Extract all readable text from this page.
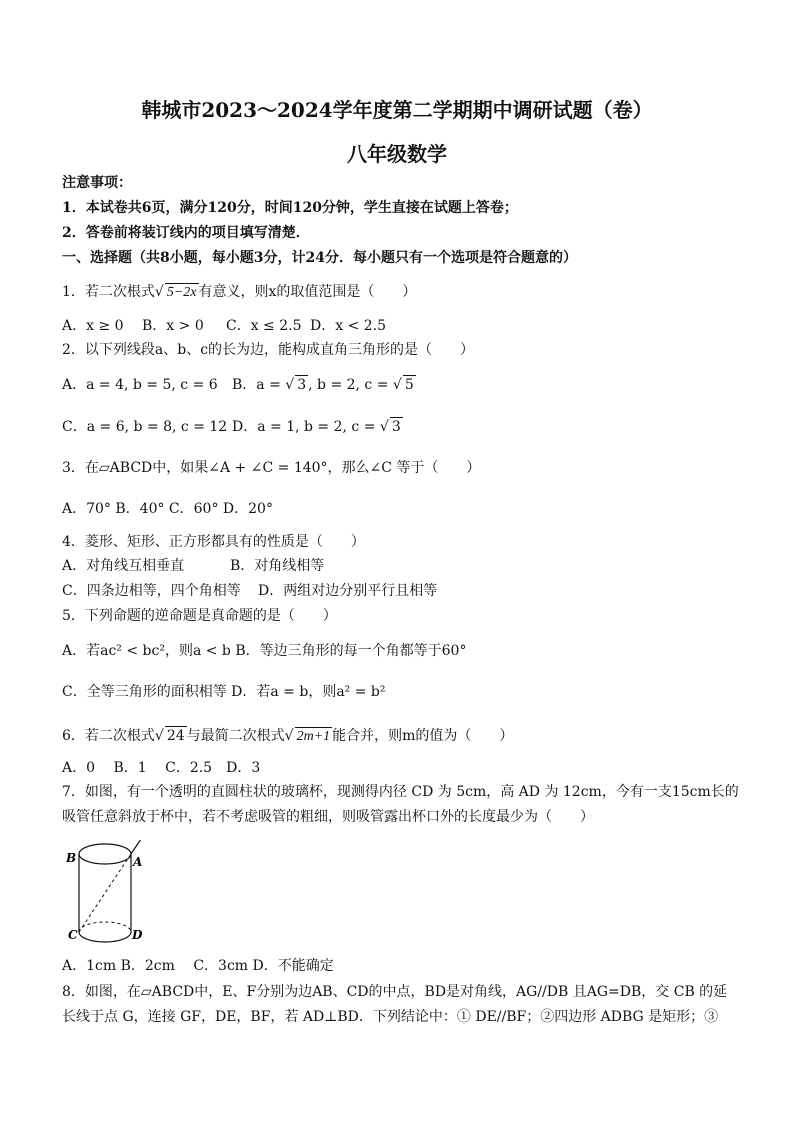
韩城市2023～2024学年度第二学期期中调研试题（卷）
八年级数学
注意事项：
1．本试卷共6页，满分120分，时间120分钟，学生直接在试题上答卷；
2．答卷前将装订线内的项目填写清楚．
一、选择题（共8小题，每小题3分，计24分．每小题只有一个选项是符合题意的）
1．若二次根式√ 5−2x 有意义，则x的取值范围是（　　）
A．x ≥ 0 B．x > 0 C．x ≤ 2.5 D．x < 2.5
2．以下列线段a、b、c的长为边，能构成直角三角形的是（　　）
A．a = 4, b = 5, c = 6 B．a = √ 3 , b = 2, c = √ 5
C．a = 6, b = 8, c = 12 D．a = 1, b = 2, c = √ 3
3．在▱ABCD中，如果∠A + ∠C = 140°，那么∠C 等于（　　）
A．70° B．40° C．60° D．20°
4．菱形、矩形、正方形都具有的性质是（　　）
A．对角线互相垂直	B．对角线相等
C．四条边相等，四个角相等 D．两组对边分别平行且相等
5．下列命题的逆命题是真命题的是（　　）
A．若ac² < bc²，则a < b B．等边三角形的每一个角都等于60°
C．全等三角形的面积相等 D．若a = b，则a² = b²
6．若二次根式√ 24 与最简二次根式√ 2m+1 能合并，则m的值为（　　）
A．0　 B．1　 C．2.5　D．3
7．如图，有一个透明的直圆柱状的玻璃杯，现测得内径 CD 为 5cm，高 AD 为 12cm，今有一支15cm长的
吸管任意斜放于杯中，若不考虑吸管的粗细，则吸管露出杯口外的长度最少为（　　）
B	A
C	D
A．1cm B．2cm　 C．3cm D．不能确定
8．如图，在▱ABCD中，E、F分别为边AB、CD的中点，BD是对角线，AG//DB 且AG=DB，交 CB 的延
长线于点 G，连接 GF，DE，BF，若 AD⊥BD．下列结论中：① DE//BF；②四边形 ADBG 是矩形；③
